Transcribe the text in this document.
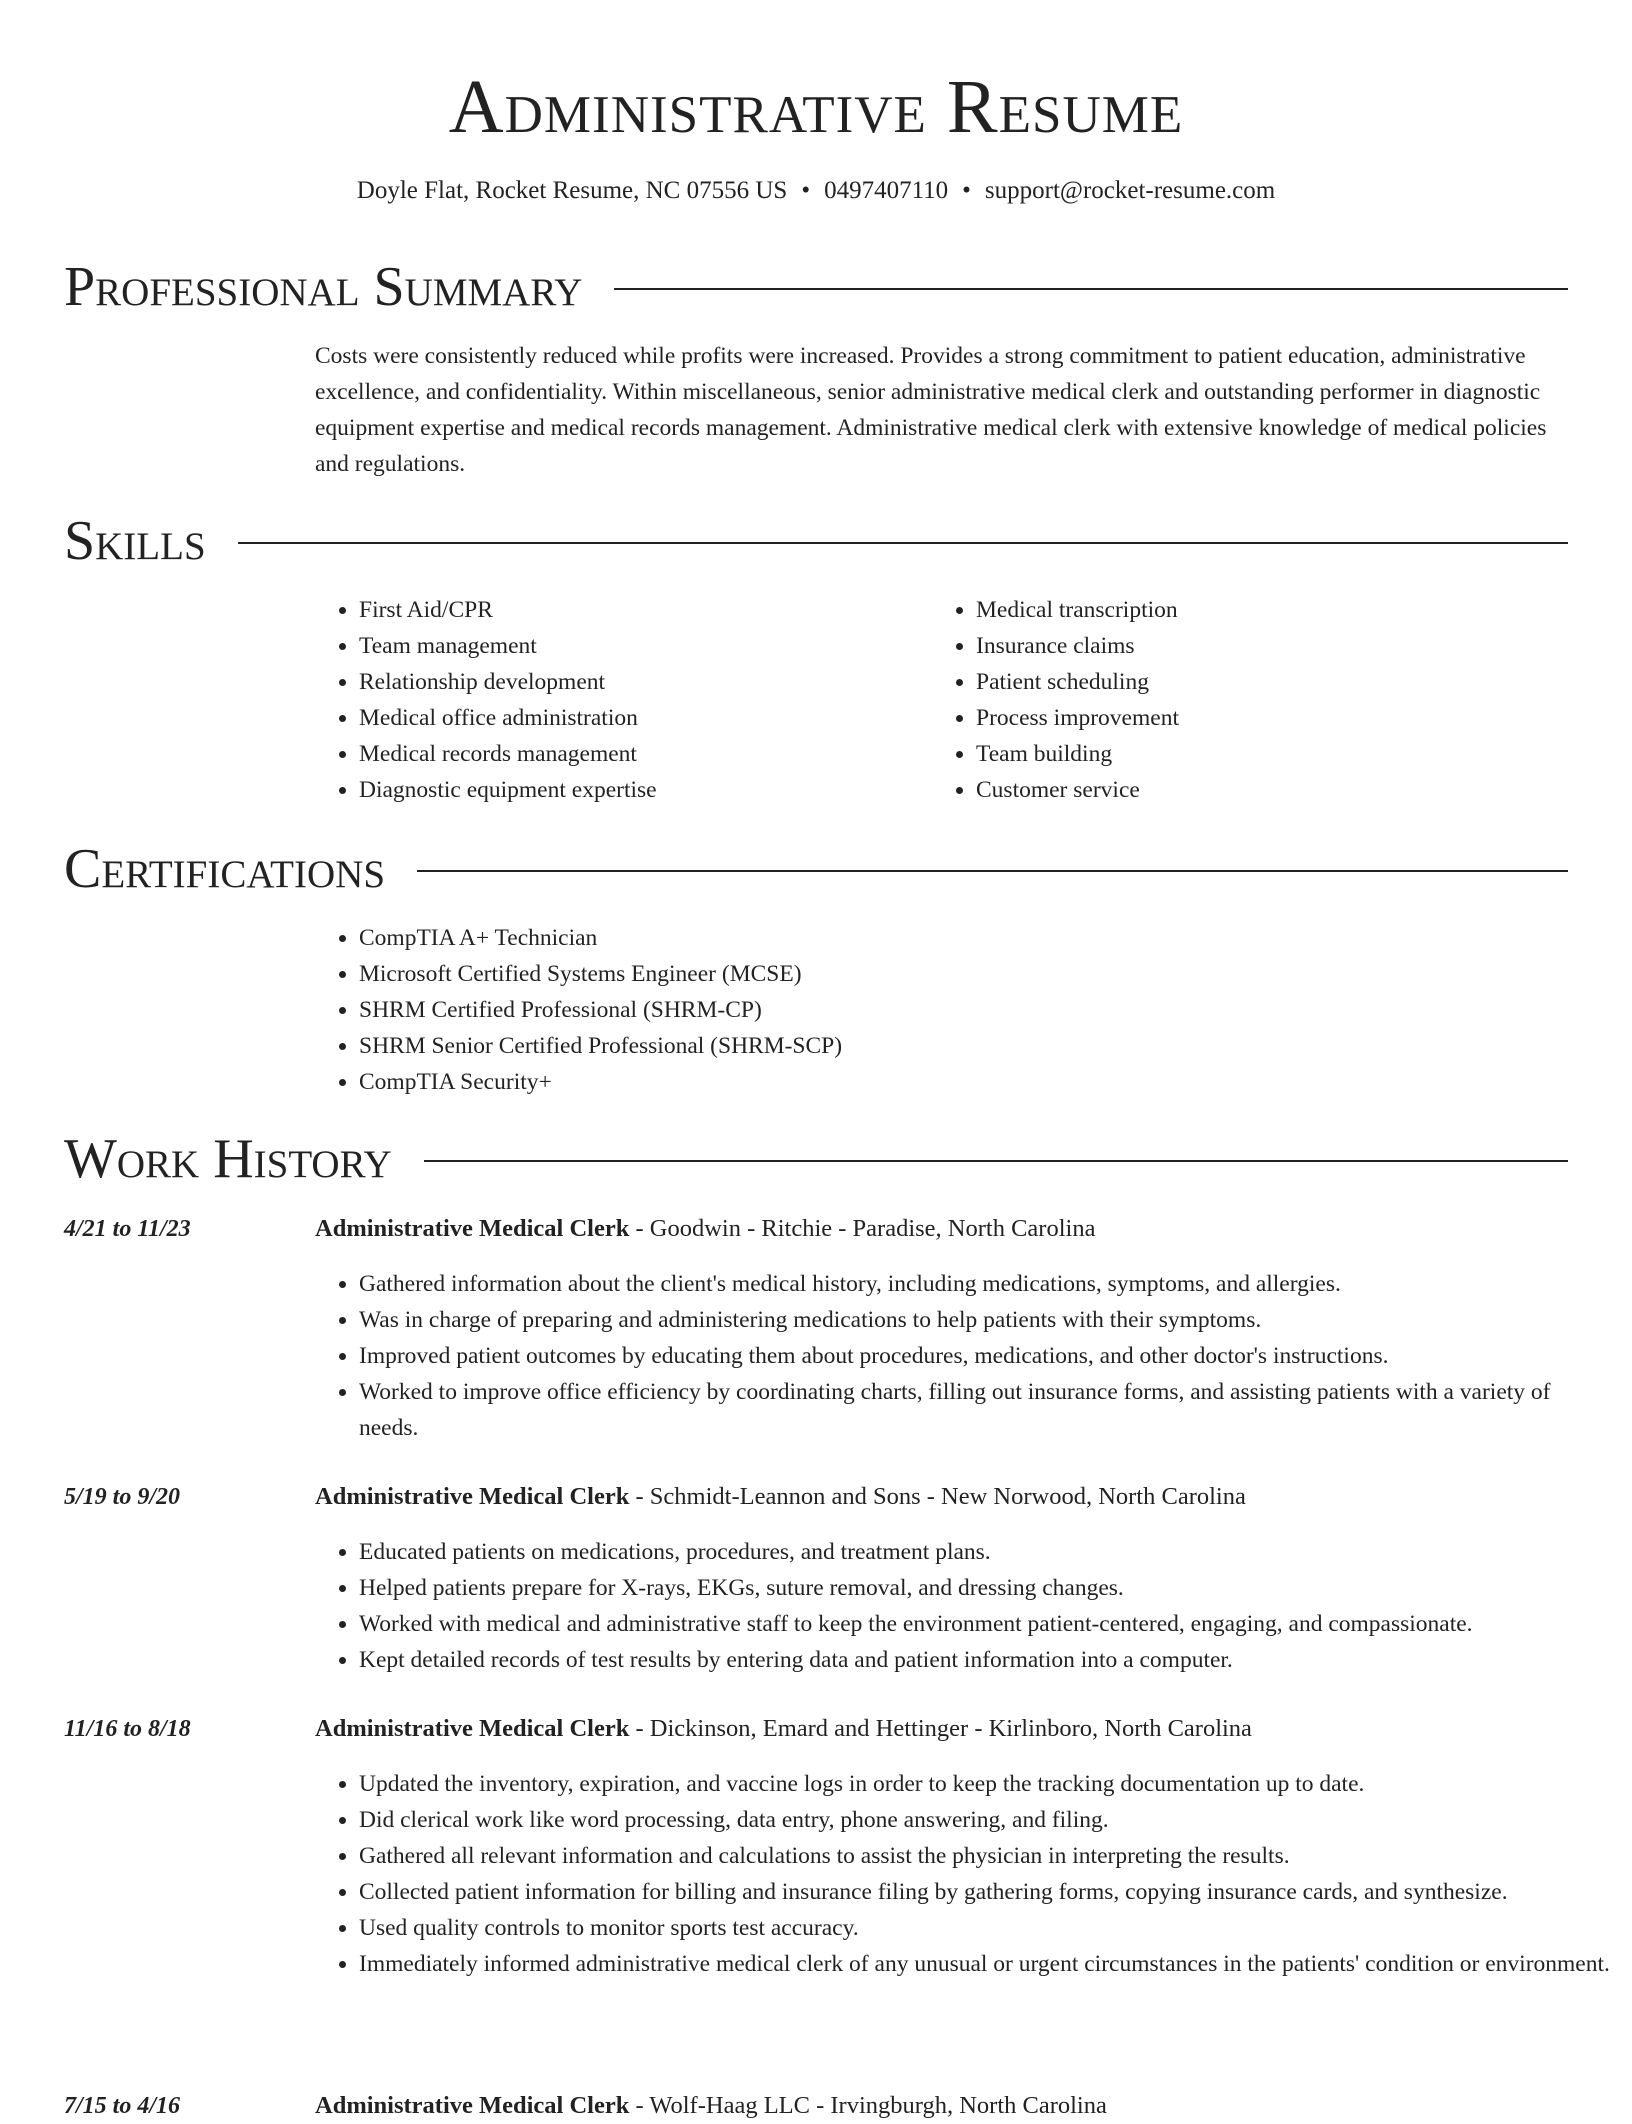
Administrative Resume
Doyle Flat, Rocket Resume, NC 07556 US • 0497407110 • support@rocket-resume.com
Professional Summary

Costs were consistently reduced while profits were increased. Provides a strong commitment to patient education, administrative excellence, and confidentiality. Within miscellaneous, senior administrative medical clerk and outstanding performer in diagnostic equipment expertise and medical records management. Administrative medical clerk with extensive knowledge of medical policies and regulations.

Skills
• First Aid/CPR
• Team management
• Relationship development
• Medical office administration
• Medical records management
• Diagnostic equipment expertise
• Medical transcription
• Insurance claims
• Patient scheduling
• Process improvement
• Team building
• Customer service
Certifications
• CompTIA A+ Technician
• Microsoft Certified Systems Engineer (MCSE)
• SHRM Certified Professional (SHRM-CP)
• SHRM Senior Certified Professional (SHRM-SCP)
• CompTIA Security+
Work History
4/21 to 11/23	Administrative Medical Clerk - Goodwin - Ritchie - Paradise, North Carolina
• Gathered information about the client's medical history, including medications, symptoms, and allergies.
• Was in charge of preparing and administering medications to help patients with their symptoms.
• Improved patient outcomes by educating them about procedures, medications, and other doctor's instructions.
• Worked to improve office efficiency by coordinating charts, filling out insurance forms, and assisting patients with a variety of needs.
5/19 to 9/20	Administrative Medical Clerk - Schmidt-Leannon and Sons - New Norwood, North Carolina
• Educated patients on medications, procedures, and treatment plans.
• Helped patients prepare for X-rays, EKGs, suture removal, and dressing changes.
• Worked with medical and administrative staff to keep the environment patient-centered, engaging, and compassionate.
• Kept detailed records of test results by entering data and patient information into a computer.
11/16 to 8/18	Administrative Medical Clerk - Dickinson, Emard and Hettinger - Kirlinboro, North Carolina
• Updated the inventory, expiration, and vaccine logs in order to keep the tracking documentation up to date.
• Did clerical work like word processing, data entry, phone answering, and filing.
• Gathered all relevant information and calculations to assist the physician in interpreting the results.
• Collected patient information for billing and insurance filing by gathering forms, copying insurance cards, and synthesize.
• Used quality controls to monitor sports test accuracy.
• Immediately informed administrative medical clerk of any unusual or urgent circumstances in the patients' condition or environment.
7/15 to 4/16	Administrative Medical Clerk - Wolf-Haag LLC - Irvingburgh, North Carolina
